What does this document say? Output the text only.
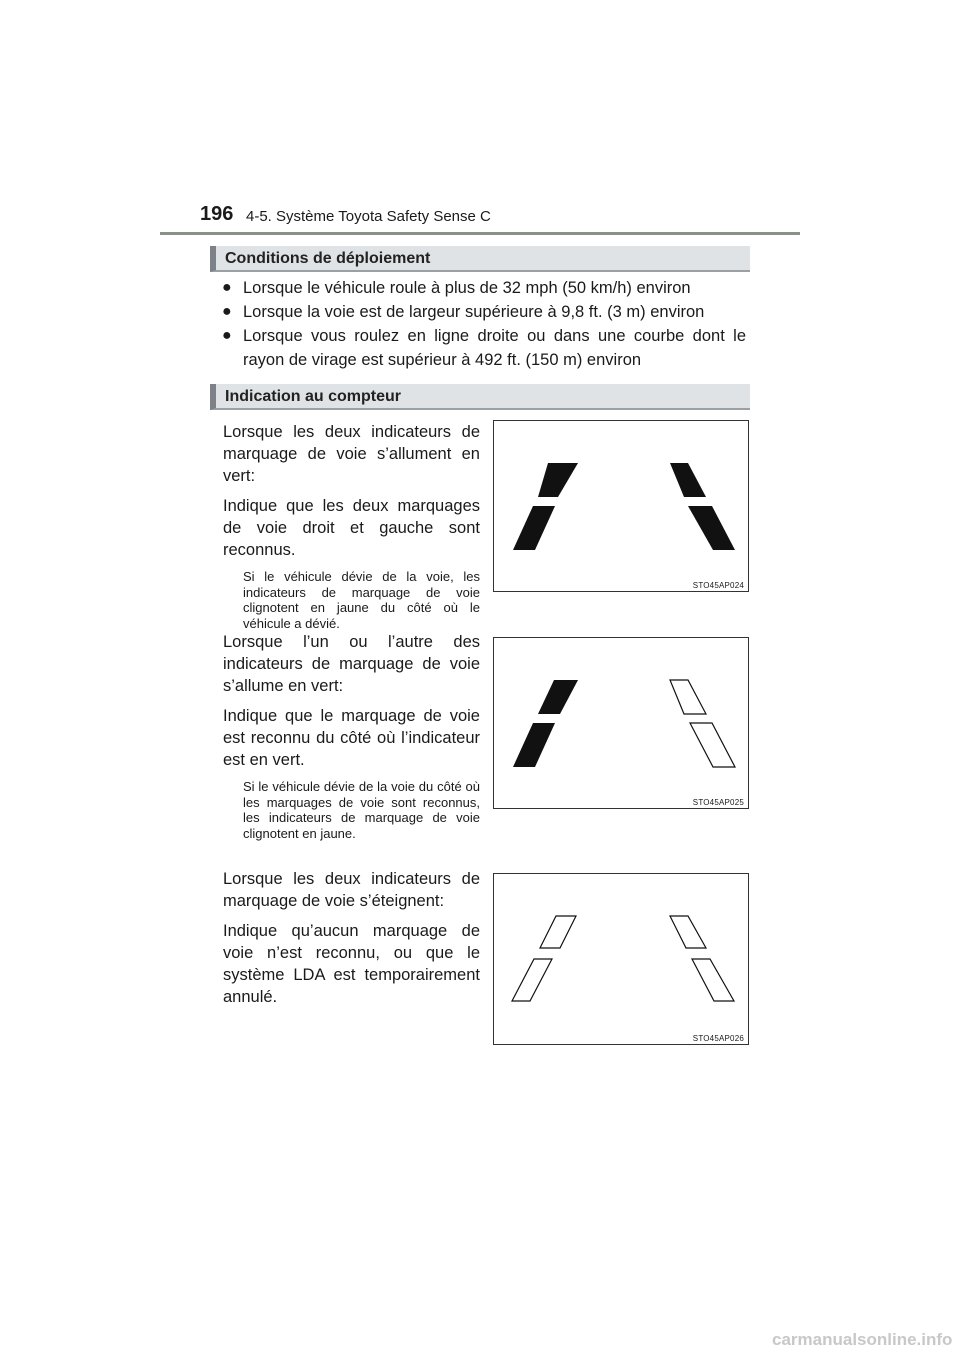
196 4-5. Système Toyota Safety Sense C
Conditions de déploiement
● Lorsque le véhicule roule à plus de 32 mph (50 km/h) environ
● Lorsque la voie est de largeur supérieure à 9,8 ft. (3 m) environ
● Lorsque vous roulez en ligne droite ou dans une courbe dont le rayon de virage est supérieur à 492 ft. (150 m) environ
Indication au compteur

Lorsque les deux indicateurs de marquage de voie s’allument en vert:

Indique que les deux marquages de voie droit et gauche sont reconnus.

Si le véhicule dévie de la voie, les indicateurs de marquage de voie clignotent en jaune du côté où le véhicule a dévié.

Lorsque l’un ou l’autre des indicateurs de marquage de voie s’allume en vert:

Indique que le marquage de voie est reconnu du côté où l’indicateur est en vert.

Si le véhicule dévie de la voie du côté où les marquages de voie sont reconnus, les indicateurs de marquage de voie clignotent en jaune.

Lorsque les deux indicateurs de marquage de voie s’éteignent:

Indique qu’aucun marquage de voie n’est reconnu, ou que le système LDA est temporairement annulé.

STO45AP024
STO45AP025
STO45AP026
carmanualsonline.info
